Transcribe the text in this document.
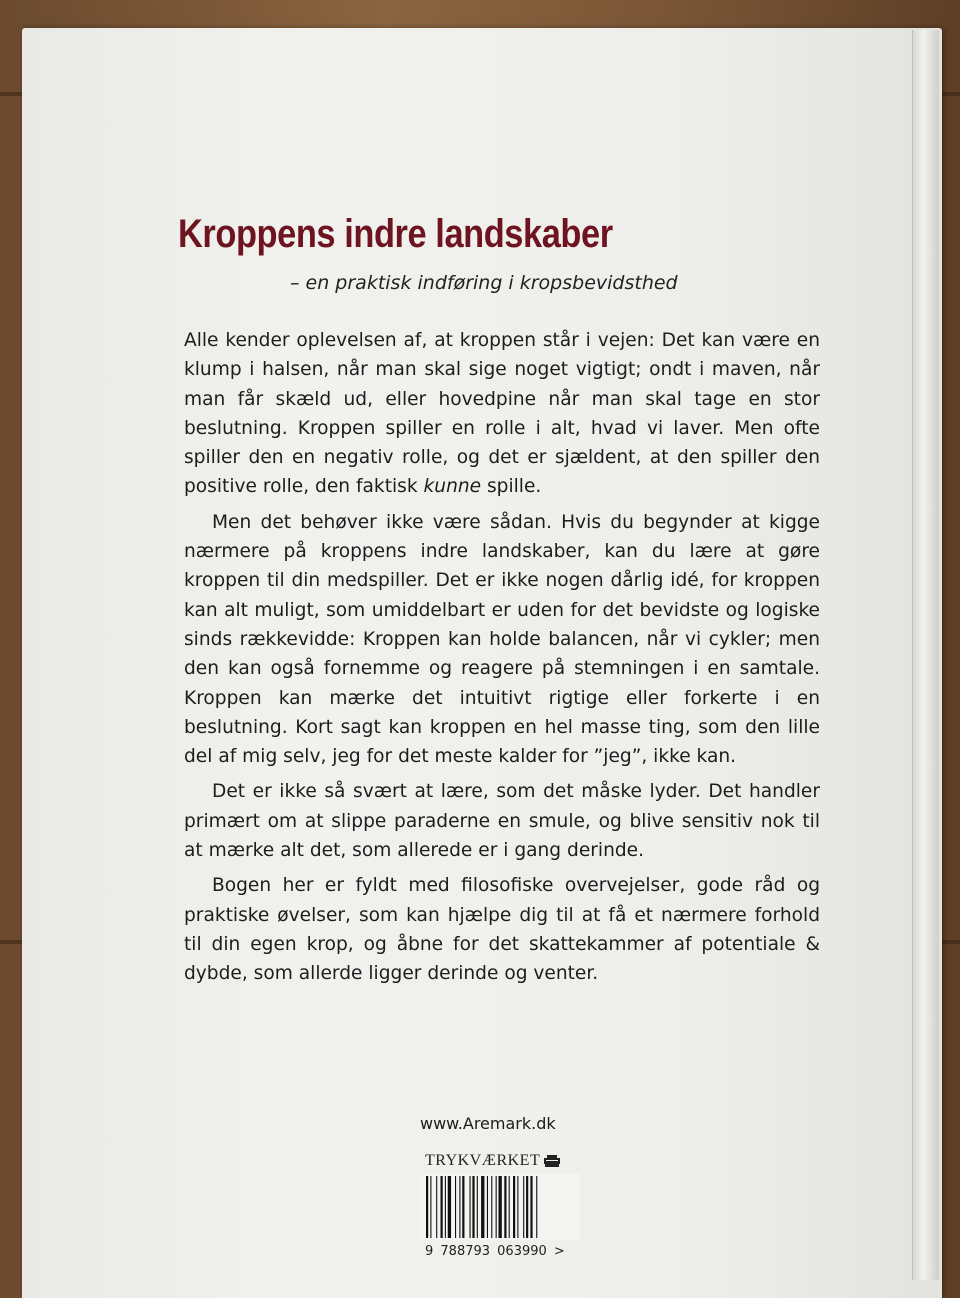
Kroppens indre landskaber

– en praktisk indføring i kropsbevidsthed

Alle kender oplevelsen af, at kroppen står i vejen: Det kan være en klump i halsen, når man skal sige noget vigtigt; ondt i maven, når man får skæld ud, eller hovedpine når man skal tage en stor beslutning. Kroppen spiller en rolle i alt, hvad vi laver. Men ofte spiller den en negativ rolle, og det er sjældent, at den spiller den positive rolle, den faktisk kunne spille.

Men det behøver ikke være sådan. Hvis du begynder at kigge nærmere på kroppens indre landskaber, kan du lære at gøre kroppen til din medspiller. Det er ikke nogen dårlig idé, for kroppen kan alt muligt, som umiddelbart er uden for det bevidste og logiske sinds rækkevidde: Kroppen kan holde balancen, når vi cykler; men den kan også fornemme og reagere på stemningen i en samtale. Kroppen kan mærke det intuitivt rigtige eller forkerte i en beslutning. Kort sagt kan kroppen en hel masse ting, som den lille del af mig selv, jeg for det meste kalder for ”jeg”, ikke kan.

Det er ikke så svært at lære, som det måske lyder. Det handler primært om at slippe paraderne en smule, og blive sensitiv nok til at mærke alt det, som allerede er i gang derinde.

Bogen her er fyldt med filosofiske overvejelser, gode råd og praktiske øvelser, som kan hjælpe dig til at få et nærmere forhold til din egen krop, og åbne for det skattekammer af potentiale & dybde, som allerde ligger derinde og venter.

www.Aremark.dk

TRYKVÆRKET

9 788793 063990 >
